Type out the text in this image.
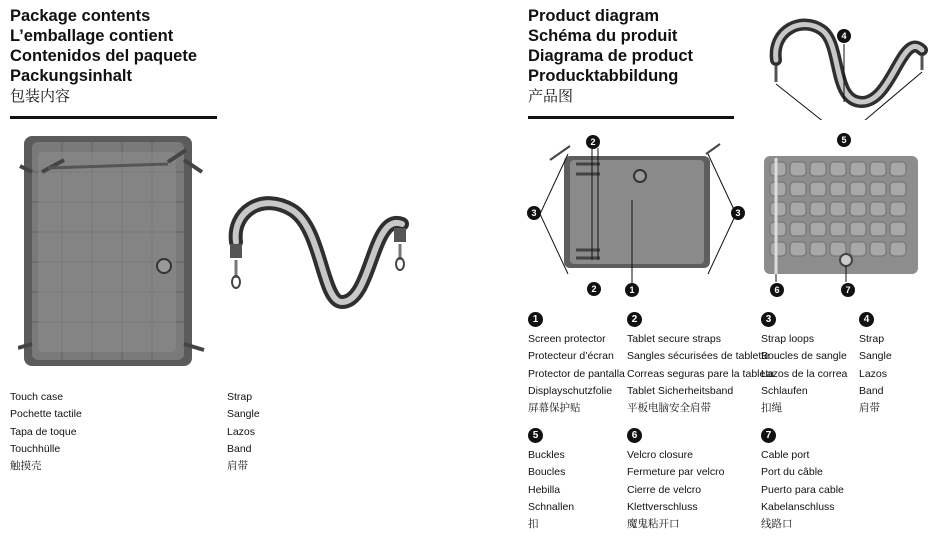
Package contents
L’emballage contient
Contenidos del paquete
Packungsinhalt
包装内容
Touch case
Pochette tactile
Tapa de toque
Touchhülle
触摸壳
Strap
Sangle
Lazos
Band
肩带
Product diagram
Schéma du produit
Diagrama de product
Producktabbildung
产品图
2
2
3	3
1	6	7
4
5
1
Screen protector
Protecteur d’écran
Protector de pantalla
Displayschutzfolie
屏幕保护贴
2
Tablet secure straps
Sangles sécurisées de tablette
Correas seguras pare la tableta
Tablet Sicherheitsband
平板电脑安全肩带
3
Strap loops
Boucles de sangle
Lazos de la correa
Schlaufen
扣绳
4
Strap
Sangle
Lazos
Band
肩带
5
Buckles
Boucles
Hebilla
Schnallen
扣
6
Velcro closure
Fermeture par velcro
Cierre de velcro
Klettverschluss
魔鬼粘开口
7
Cable port
Port du câble
Puerto para cable
Kabelanschluss
线路口
